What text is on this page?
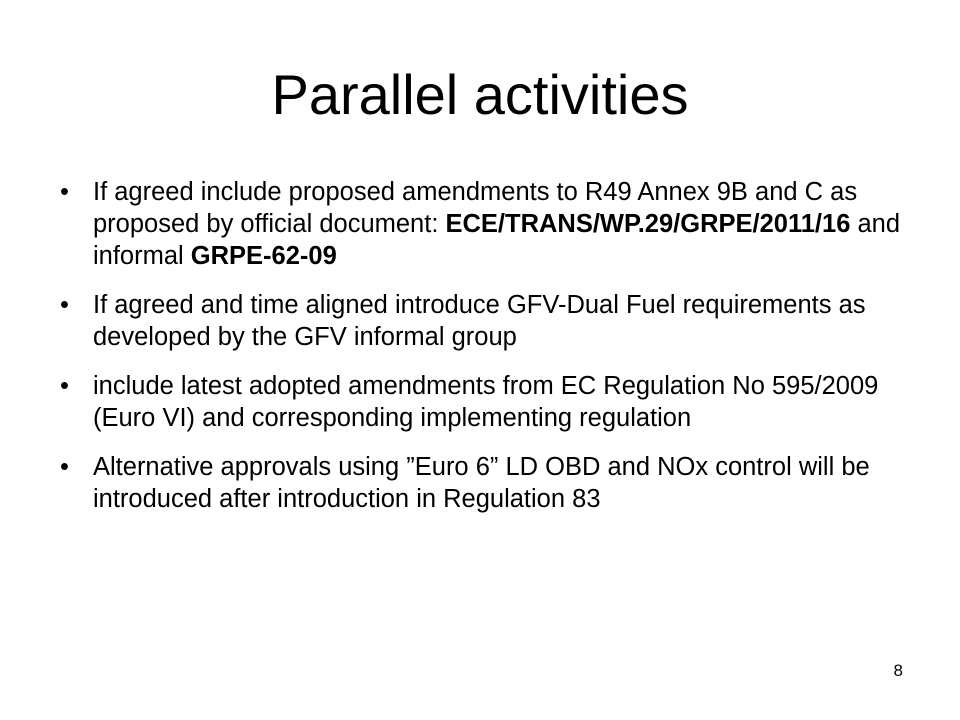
Parallel activities
• If agreed include proposed amendments to R49 Annex 9B and C as proposed by official document: ECE/TRANS/WP.29/GRPE/2011/16 and informal GRPE-62-09
• If agreed and time aligned introduce GFV-Dual Fuel requirements as developed by the GFV informal group
• include latest adopted amendments from EC Regulation No 595/2009 (Euro VI) and corresponding implementing regulation
• Alternative approvals using ”Euro 6” LD OBD and NOx control will be introduced after introduction in Regulation 83
8
